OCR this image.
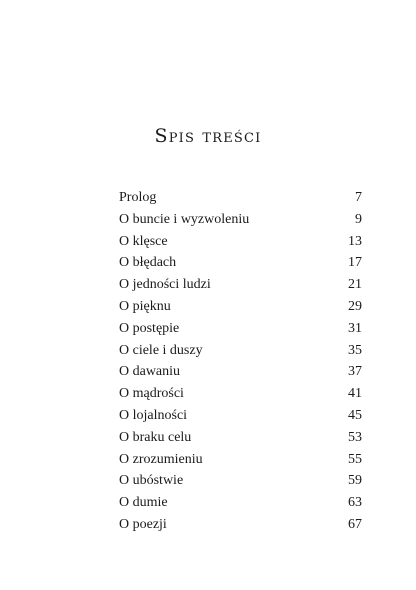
Spis treści
Prolog	7
O buncie i wyzwoleniu	9
O klęsce	13
O błędach	17
O jedności ludzi	21
O pięknu	29
O postępie	31
O ciele i duszy	35
O dawaniu	37
O mądrości	41
O lojalności	45
O braku celu	53
O zrozumieniu	55
O ubóstwie	59
O dumie	63
O poezji	67
